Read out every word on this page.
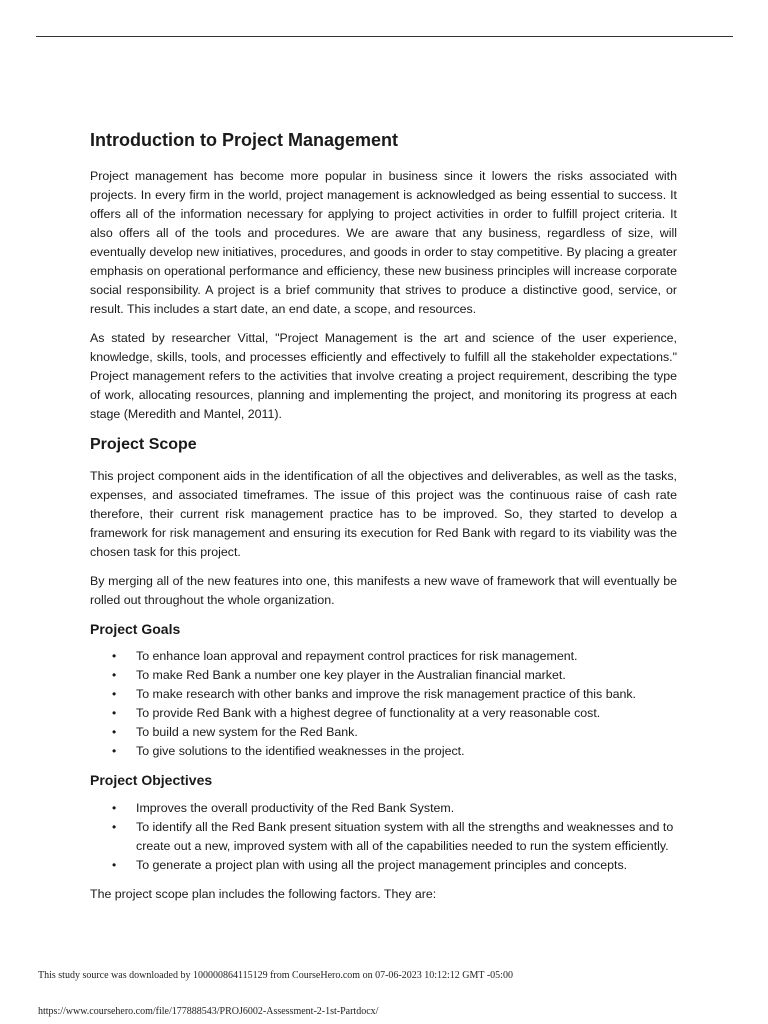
Introduction to Project Management

Project management has become more popular in business since it lowers the risks associated with projects. In every firm in the world, project management is acknowledged as being essential to success. It offers all of the information necessary for applying to project activities in order to fulfill project criteria. It also offers all of the tools and procedures. We are aware that any business, regardless of size, will eventually develop new initiatives, procedures, and goods in order to stay competitive. By placing a greater emphasis on operational performance and efficiency, these new business principles will increase corporate social responsibility. A project is a brief community that strives to produce a distinctive good, service, or result. This includes a start date, an end date, a scope, and resources.

As stated by researcher Vittal, "Project Management is the art and science of the user experience, knowledge, skills, tools, and processes efficiently and effectively to fulfill all the stakeholder expectations." Project management refers to the activities that involve creating a project requirement, describing the type of work, allocating resources, planning and implementing the project, and monitoring its progress at each stage (Meredith and Mantel, 2011).

Project Scope

This project component aids in the identification of all the objectives and deliverables, as well as the tasks, expenses, and associated timeframes. The issue of this project was the continuous raise of cash rate therefore, their current risk management practice has to be improved. So, they started to develop a framework for risk management and ensuring its execution for Red Bank with regard to its viability was the chosen task for this project.

By merging all of the new features into one, this manifests a new wave of framework that will eventually be rolled out throughout the whole organization.

Project Goals
• To enhance loan approval and repayment control practices for risk management.
• To make Red Bank a number one key player in the Australian financial market.
• To make research with other banks and improve the risk management practice of this bank.
• To provide Red Bank with a highest degree of functionality at a very reasonable cost.
• To build a new system for the Red Bank.
• To give solutions to the identified weaknesses in the project.
Project Objectives
• Improves the overall productivity of the Red Bank System.
• To identify all the Red Bank present situation system with all the strengths and weaknesses and to create out a new, improved system with all of the capabilities needed to run the system efficiently.
• To generate a project plan with using all the project management principles and concepts.

The project scope plan includes the following factors. They are:

This study source was downloaded by 100000864115129 from CourseHero.com on 07-06-2023 10:12:12 GMT -05:00
https://www.coursehero.com/file/177888543/PROJ6002-Assessment-2-1st-Partdocx/
